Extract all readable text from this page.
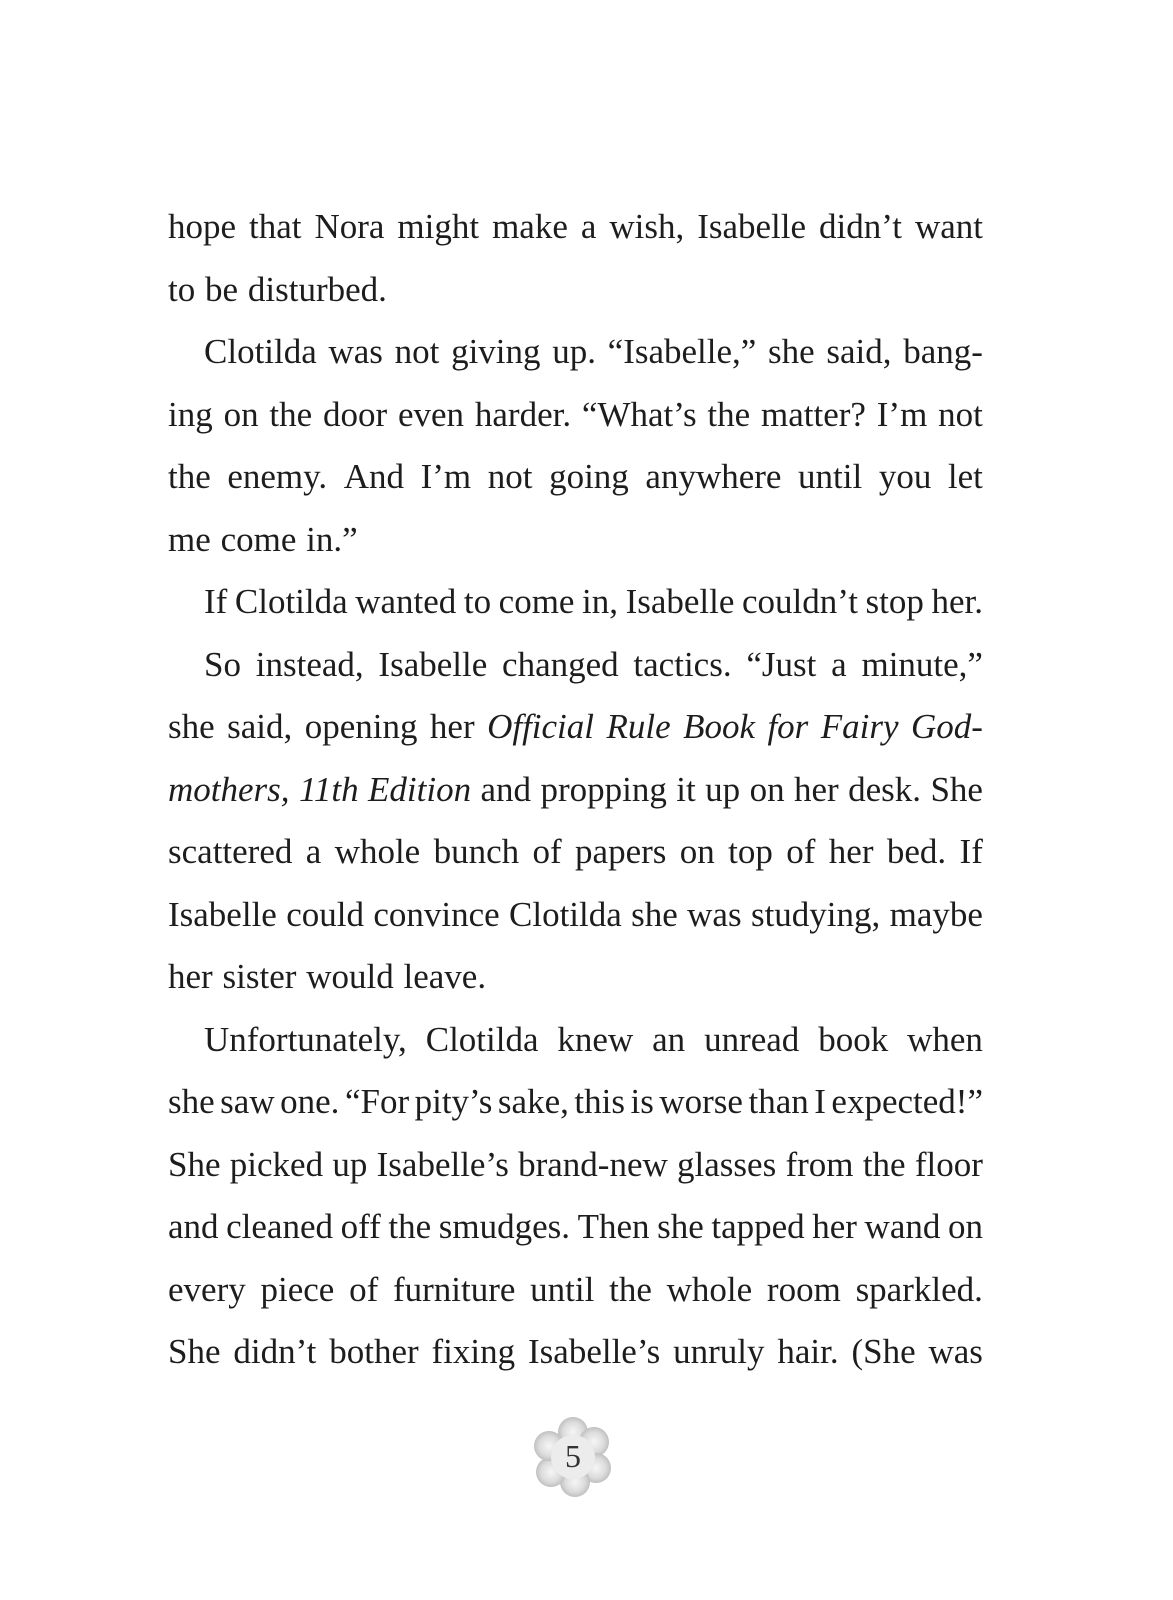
hope that Nora might make a wish, Isabelle didn’t want
to be disturbed.
Clotilda was not giving up. “Isabelle,” she said, bang-
ing on the door even harder. “What’s the matter? I’m not
the enemy. And I’m not going anywhere until you let
me come in.”
If Clotilda wanted to come in, Isabelle couldn’t stop her.
So instead, Isabelle changed tactics. “Just a minute,”
she said, opening her Official Rule Book for Fairy God-
mothers, 11th Edition and propping it up on her desk. She
scattered a whole bunch of papers on top of her bed. If
Isabelle could convince Clotilda she was studying, maybe
her sister would leave.
Unfortunately, Clotilda knew an unread book when
she saw one. “For pity’s sake, this is worse than I expected!”
She picked up Isabelle’s brand-new glasses from the floor
and cleaned off the smudges. Then she tapped her wand on
every piece of furniture until the whole room sparkled.
She didn’t bother fixing Isabelle’s unruly hair. (She was
5
